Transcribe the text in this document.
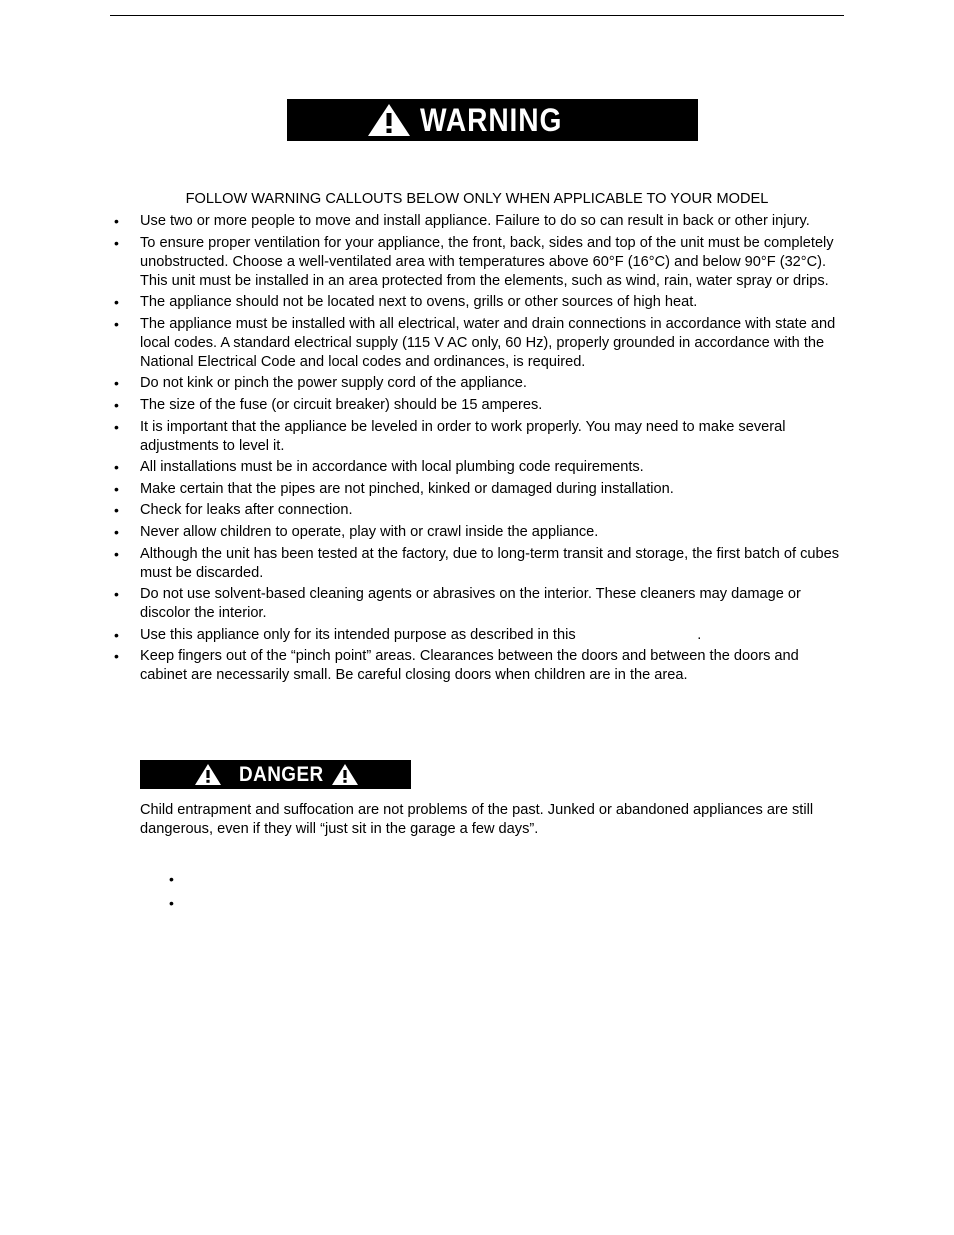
WARNING
FOLLOW WARNING CALLOUTS BELOW ONLY WHEN APPLICABLE TO YOUR MODEL
• Use two or more people to move and install appliance. Failure to do so can result in back or other injury.
• To ensure proper ventilation for your appliance, the front, back, sides and top of the unit must be completely unobstructed. Choose a well-ventilated area with temperatures above 60°F (16°C) and below 90°F (32°C). This unit must be installed in an area protected from the elements, such as wind, rain, water spray or drips.
• The appliance should not be located next to ovens, grills or other sources of high heat.
• The appliance must be installed with all electrical, water and drain connections in accordance with state and local codes. A standard electrical supply (115 V AC only, 60 Hz), properly grounded in accordance with the National Electrical Code and local codes and ordinances, is required.
• Do not kink or pinch the power supply cord of the appliance.
• The size of the fuse (or circuit breaker) should be 15 amperes.
• It is important that the appliance be leveled in order to work properly. You may need to make several adjustments to level it.
• All installations must be in accordance with local plumbing code requirements.
• Make certain that the pipes are not pinched, kinked or damaged during installation.
• Check for leaks after connection.
• Never allow children to operate, play with or crawl inside the appliance.
• Although the unit has been tested at the factory, due to long-term transit and storage, the first batch of cubes must be discarded.
• Do not use solvent-based cleaning agents or abrasives on the interior. These cleaners may damage or discolor the interior.
• Use this appliance only for its intended purpose as described in this                              .
• Keep fingers out of the “pinch point” areas. Clearances between the doors and between the doors and cabinet are necessarily small. Be careful closing doors when children are in the area.
DANGER
Child entrapment and suffocation are not problems of the past. Junked or abandoned appliances are still dangerous, even if they will “just sit in the garage a few days”.
•
•
